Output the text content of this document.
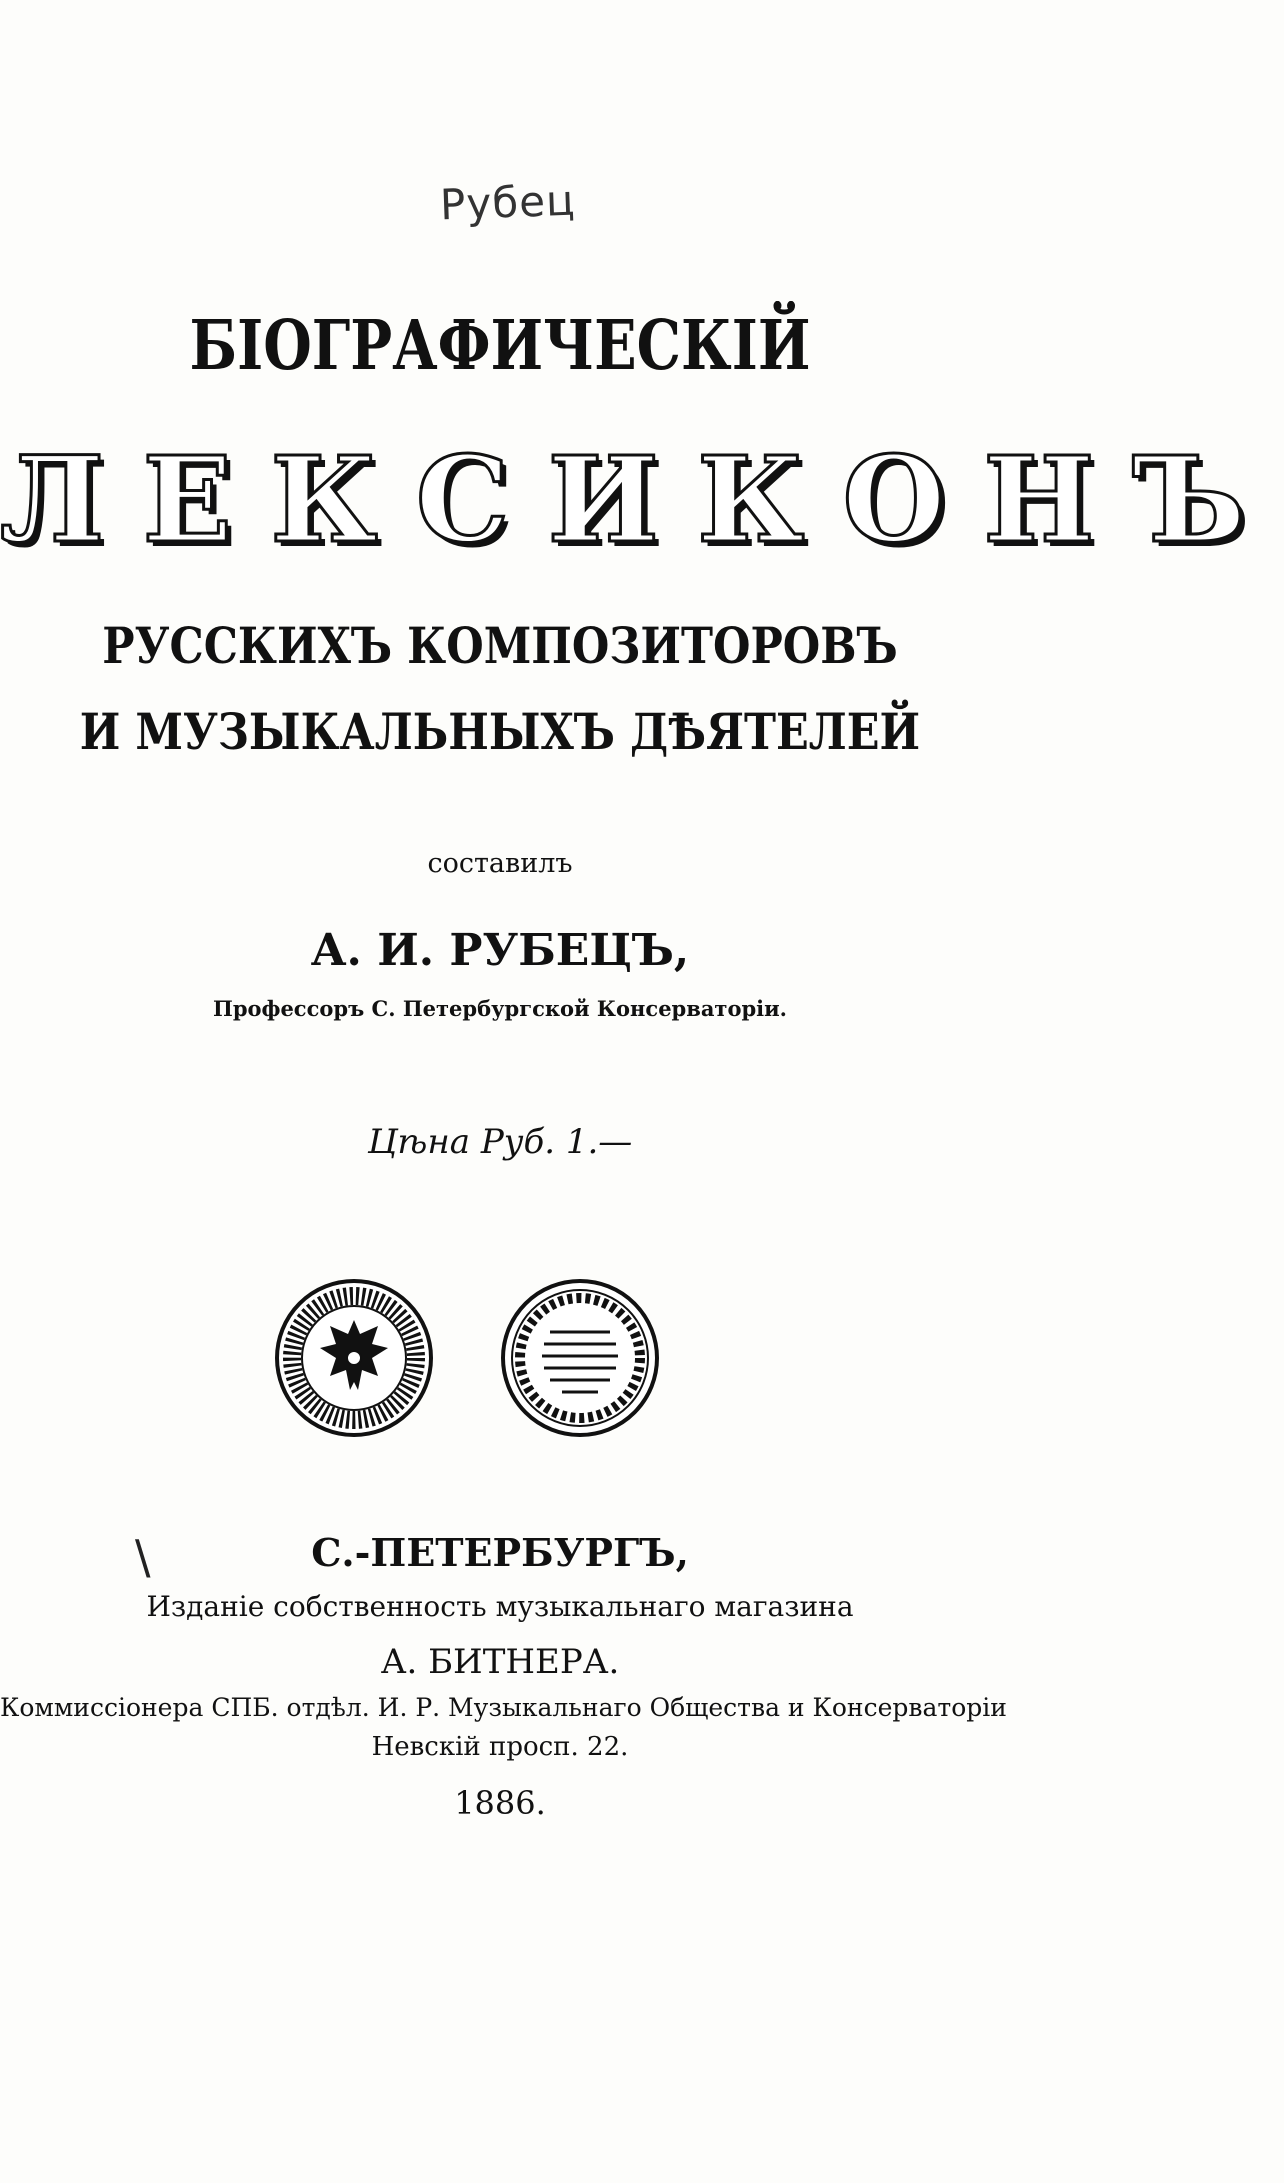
Рубец
БІОГРАФИЧЕСКІЙ
ЛЕКСИКОНЪ
РУССКИХЪ КОМПОЗИТОРОВЪ
И МУЗЫКАЛЬНЫХЪ ДѢЯТЕЛЕЙ
составилъ
А. И. РУБЕЦЪ,
Профессоръ С. Петербургской Консерваторіи.
Цѣна Руб. 1.—
\	С.-ПЕТЕРБУРГЪ,
Изданіе собственность музыкальнаго магазина
А. БИТНЕРА.
Коммиссіонера СПБ. отдѣл. И. Р. Музыкальнаго Общества и Консерваторіи
Невскій просп. 22.
1886.
